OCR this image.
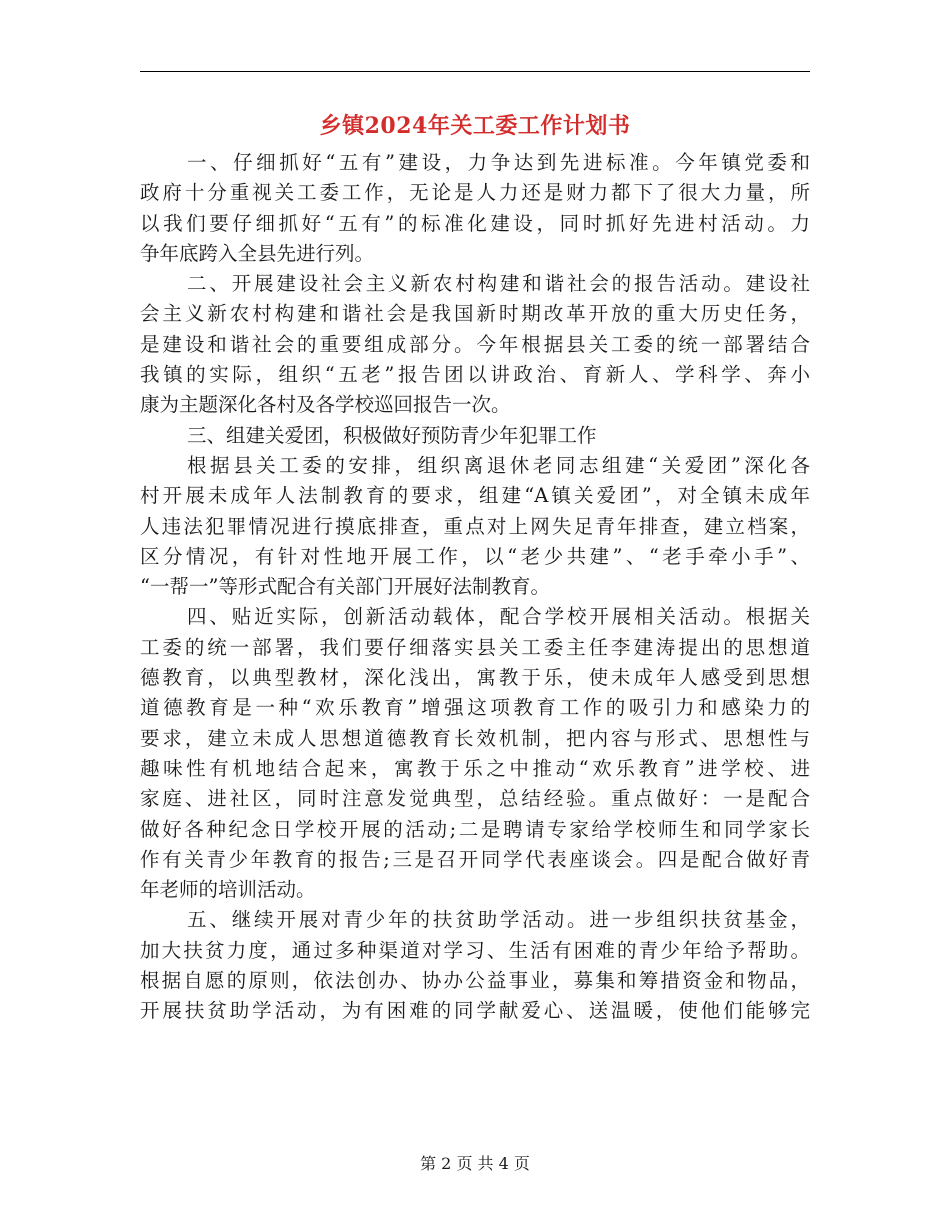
乡镇2024年关工委工作计划书
一、仔细抓好“五有”建设，力争达到先进标准。今年镇党委和
政府十分重视关工委工作，无论是人力还是财力都下了很大力量，所
以我们要仔细抓好“五有”的标准化建设，同时抓好先进村活动。力
争年底跨入全县先进行列。
二、开展建设社会主义新农村构建和谐社会的报告活动。建设社
会主义新农村构建和谐社会是我国新时期改革开放的重大历史任务，
是建设和谐社会的重要组成部分。今年根据县关工委的统一部署结合
我镇的实际，组织“五老”报告团以讲政治、育新人、学科学、奔小
康为主题深化各村及各学校巡回报告一次。
三、组建关爱团，积极做好预防青少年犯罪工作
根据县关工委的安排，组织离退休老同志组建“关爱团”深化各
村开展未成年人法制教育的要求，组建“A镇关爱团”，对全镇未成年
人违法犯罪情况进行摸底排查，重点对上网失足青年排查，建立档案，
区分情况，有针对性地开展工作，以“老少共建”、“老手牵小手”、
“一帮一”等形式配合有关部门开展好法制教育。
四、贴近实际，创新活动载体，配合学校开展相关活动。根据关
工委的统一部署，我们要仔细落实县关工委主任李建涛提出的思想道
德教育，以典型教材，深化浅出，寓教于乐，使未成年人感受到思想
道德教育是一种“欢乐教育”增强这项教育工作的吸引力和感染力的
要求，建立未成人思想道德教育长效机制，把内容与形式、思想性与
趣味性有机地结合起来，寓教于乐之中推动“欢乐教育”进学校、进
家庭、进社区，同时注意发觉典型，总结经验。重点做好：一是配合
做好各种纪念日学校开展的活动;二是聘请专家给学校师生和同学家长
作有关青少年教育的报告;三是召开同学代表座谈会。四是配合做好青
年老师的培训活动。
五、继续开展对青少年的扶贫助学活动。进一步组织扶贫基金，
加大扶贫力度，通过多种渠道对学习、生活有困难的青少年给予帮助。
根据自愿的原则，依法创办、协办公益事业，募集和筹措资金和物品，
开展扶贫助学活动，为有困难的同学献爱心、送温暖，使他们能够完
第 2 页 共 4 页
